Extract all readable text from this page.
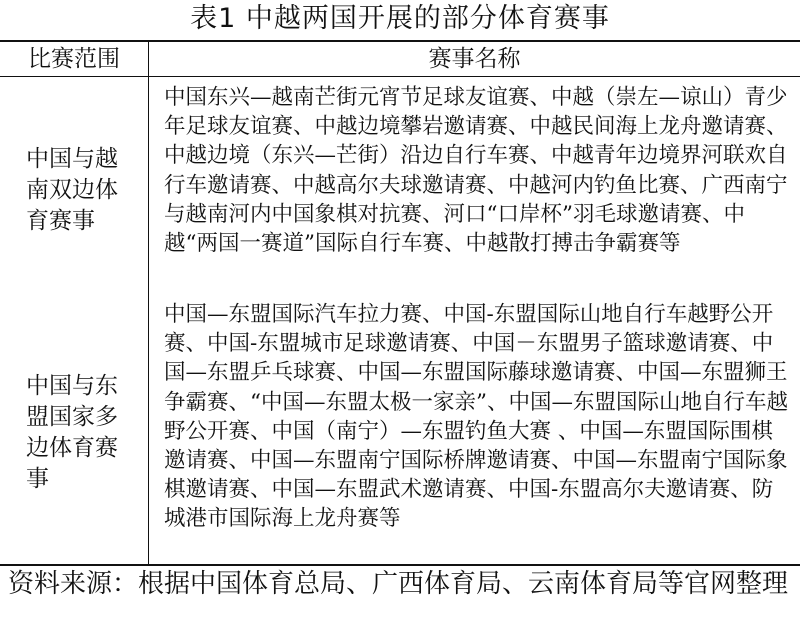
表1 中越两国开展的部分体育赛事
比赛范围	赛事名称
中国与越南双边体育赛事
中国东兴—越南芒街元宵节足球友谊赛、中越（崇左—谅山）青少年足球友谊赛、中越边境攀岩邀请赛、中越民间海上龙舟邀请赛、中越边境（东兴—芒街）沿边自行车赛、中越青年边境界河联欢自行车邀请赛、中越高尔夫球邀请赛、中越河内钓鱼比赛、广西南宁与越南河内中国象棋对抗赛、河口“口岸杯”羽毛球邀请赛、中越“两国一赛道”国际自行车赛、中越散打搏击争霸赛等
中国与东盟国家多边体育赛事
中国—东盟国际汽车拉力赛、中国-东盟国际山地自行车越野公开赛、中国-东盟城市足球邀请赛、中国－东盟男子篮球邀请赛、中国—东盟乒乓球赛、中国—东盟国际藤球邀请赛、中国—东盟狮王争霸赛、“中国—东盟太极一家亲”、中国—东盟国际山地自行车越野公开赛、中国（南宁）—东盟钓鱼大赛 、中国—东盟国际围棋邀请赛、中国—东盟南宁国际桥牌邀请赛、中国—东盟南宁国际象棋邀请赛、中国—东盟武术邀请赛、中国-东盟高尔夫邀请赛、防城港市国际海上龙舟赛等
资料来源：根据中国体育总局、广西体育局、云南体育局等官网整理
